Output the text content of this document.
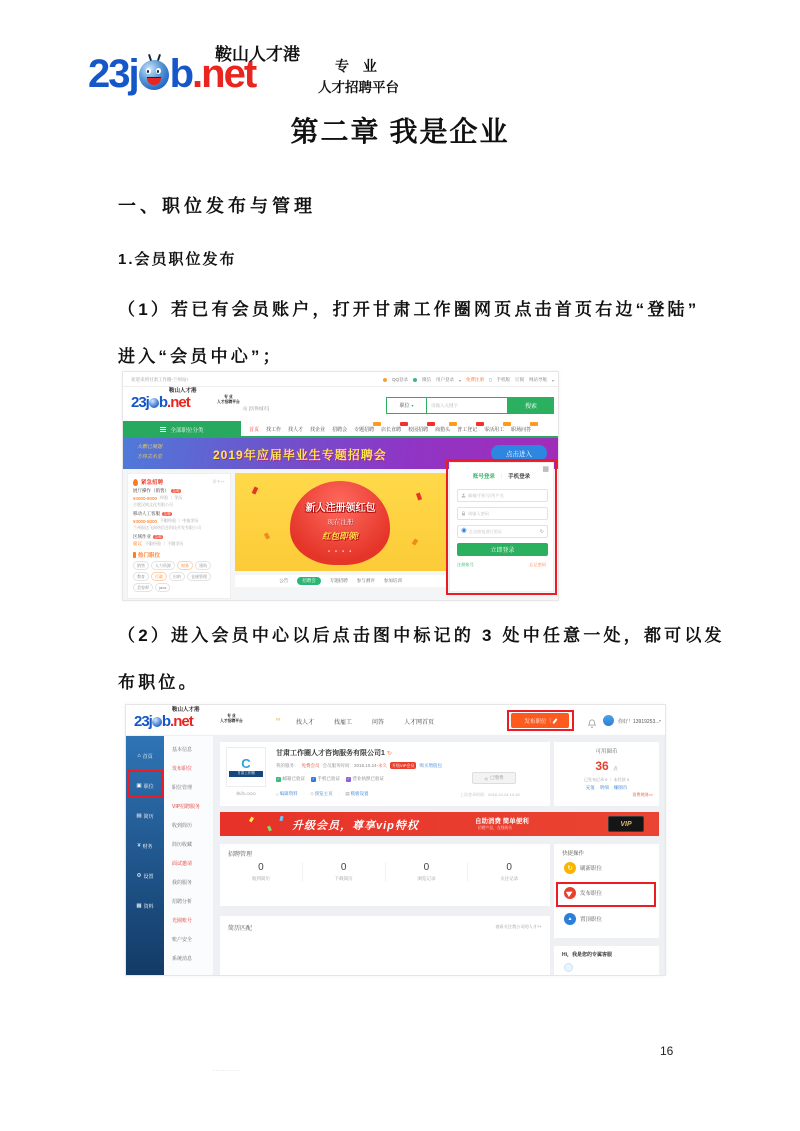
23j b.net
鞍山人才港
专 业
人才招聘平台
第二章 我是企业
一、职位发布与管理
1.会员职位发布
（1）若已有会员账户，打开甘肃工作圈网页点击首页右边“登陆”
进入“会员中心”；
（2）进入会员中心以后点击图中标记的 3 处中任意一处，都可以发
布职位。
欢迎来到甘肃工作圈-兰州站!	QQ登录	微信 用户登录 ▾ 免费注册 ▯ 手机版 订阅 网站导航 ▾
23j b.net
鞍山人才港
专 业
人才招聘平台
站 [切换城市]	职位 ▾	请输入关键字	搜索
全部职位分类	首页 找工作 找人才 找企业 招聘会 专题招聘 店长直聘 校园招聘 商猎头 普工登记 零活用工 职场问答
大鹏已展翅
方得去名堂	2019年应届毕业生专题招聘会	点击进入
紧急招聘	更多++
展厅操作（销售）	急聘
¥4000-8000 经验 ｜ 学历
合肥汉典文化有限公司
移动人工客服	急聘
¥3000-5000 不限经验 ｜ 中技学历
兰州银达飞网络信息科技开发有限公司
区域作业	急聘
面议 不限经验 ｜ 不限学历
热门职位
销售	人力资源	财务	建筑
教育	行政	出纳	仓储管理
美容师	java
新人注册领红包
现在注册
红包即领!
● ● ● ●
公告	招聘会	专题招聘 参与测评 参加培训
▦
账号登录 │ 手机登录
邮箱/手机号/用户名
请输入密码
◉ 点击按钮进行验证	↻
立即登录
注册账号	忘记密码
23j b.net
鞍山人才港
专 业
人才招聘平台	∞	找人才	找雇工	问答	人才网首页	发布职位 |	你好！13919253... ▾
⌂ 首页
▣ 职位
▤ 简历
¥ 财务
⚙ 设置
▦ 资料
基本信息
发布职位
职位管理
VIP招聘服务
收到简历
简历收藏
面试邀请
我的服务
招聘分析
光圈账号
账户安全
系统消息
C
甘肃工作圈
修改LOGO
甘肃工作圈人才咨询服务有限公司1 ↻
我的服务： 免费会员 会员服务时间：2018.10.24- 永久	升级VIP会员	购买增值包
✓ 邮箱已验证 ✓ 手机已验证 ✓ 营业执照已验证	◎ 已缴费
○ 编辑资料 ｜ ◇ 预览主页 ｜ ▤ 模板设置	上次登录时间：2018-10-24 14:18
可用圈币
36 点
已发布记录 0 ｜ 未付款 0
充值 明细 赚圈币
消费规则>>
升级会员，尊享vip特权	自助消费 简单便利
招聘产品，在线购买
VIP
招聘管理
0
收到简历
0
下载简历
0
浏览记录
0
关注记录
快捷操作
↻	刷新职位
发布职位
▲	置顶职位
简历匹配	查看关注我公司的人才++
Hi，我是您的专属客服
·········
16
